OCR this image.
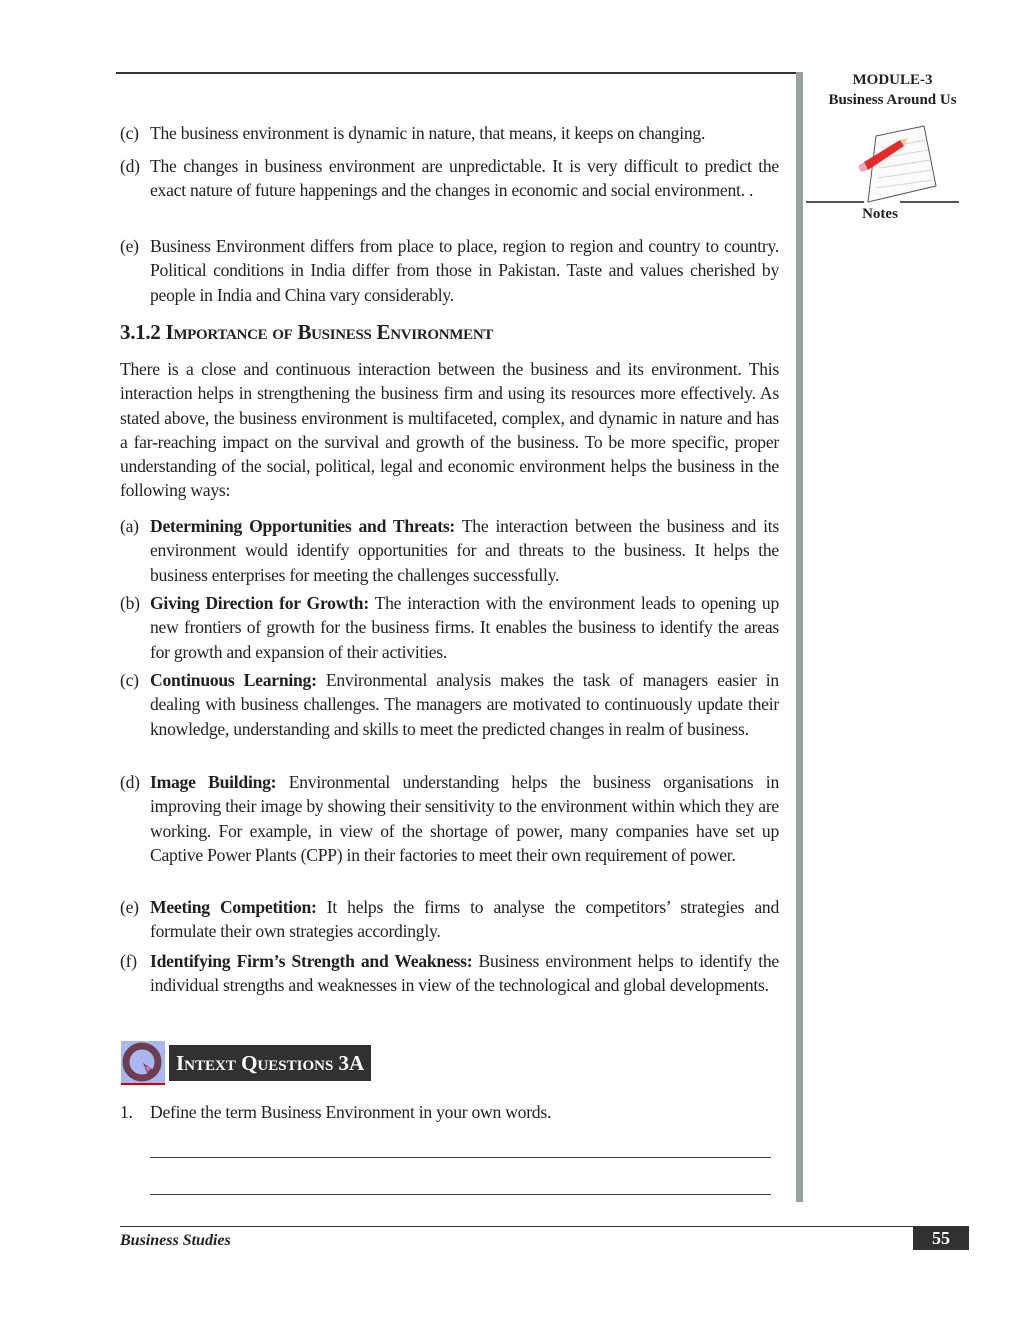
MODULE-3
Business Around Us
Notes
(c) The business environment is dynamic in nature, that means, it keeps on changing.
(d) The changes in business environment are unpredictable. It is very difficult to predict the exact nature of future happenings and the changes in economic and social environment. .
(e) Business Environment differs from place to place, region to region and country to country. Political conditions in India differ from those in Pakistan. Taste and values cherished by people in India and China vary considerably.
3.1.2 Importance of Business Environment
There is a close and continuous interaction between the business and its environment. This interaction helps in strengthening the business firm and using its resources more effectively. As stated above, the business environment is multifaceted, complex, and dynamic in nature and has a far-reaching impact on the survival and growth of the business. To be more specific, proper understanding of the social, political, legal and economic environment helps the business in the following ways:
(a) Determining Opportunities and Threats: The interaction between the business and its environment would identify opportunities for and threats to the business. It helps the business enterprises for meeting the challenges successfully.
(b) Giving Direction for Growth: The interaction with the environment leads to opening up new frontiers of growth for the business firms. It enables the business to identify the areas for growth and expansion of their activities.
(c) Continuous Learning: Environmental analysis makes the task of managers easier in dealing with business challenges. The managers are motivated to continuously update their knowledge, understanding and skills to meet the predicted changes in realm of business.
(d) Image Building: Environmental understanding helps the business organisations in improving their image by showing their sensitivity to the environment within which they are working. For example, in view of the shortage of power, many companies have set up Captive Power Plants (CPP) in their factories to meet their own requirement of power.
(e) Meeting Competition: It helps the firms to analyse the competitors’ strategies and formulate their own strategies accordingly.
(f) Identifying Firm’s Strength and Weakness: Business environment helps to identify the individual strengths and weaknesses in view of the technological and global developments.
Intext Questions 3A
1. Define the term Business Environment in your own words.
Business Studies	55
